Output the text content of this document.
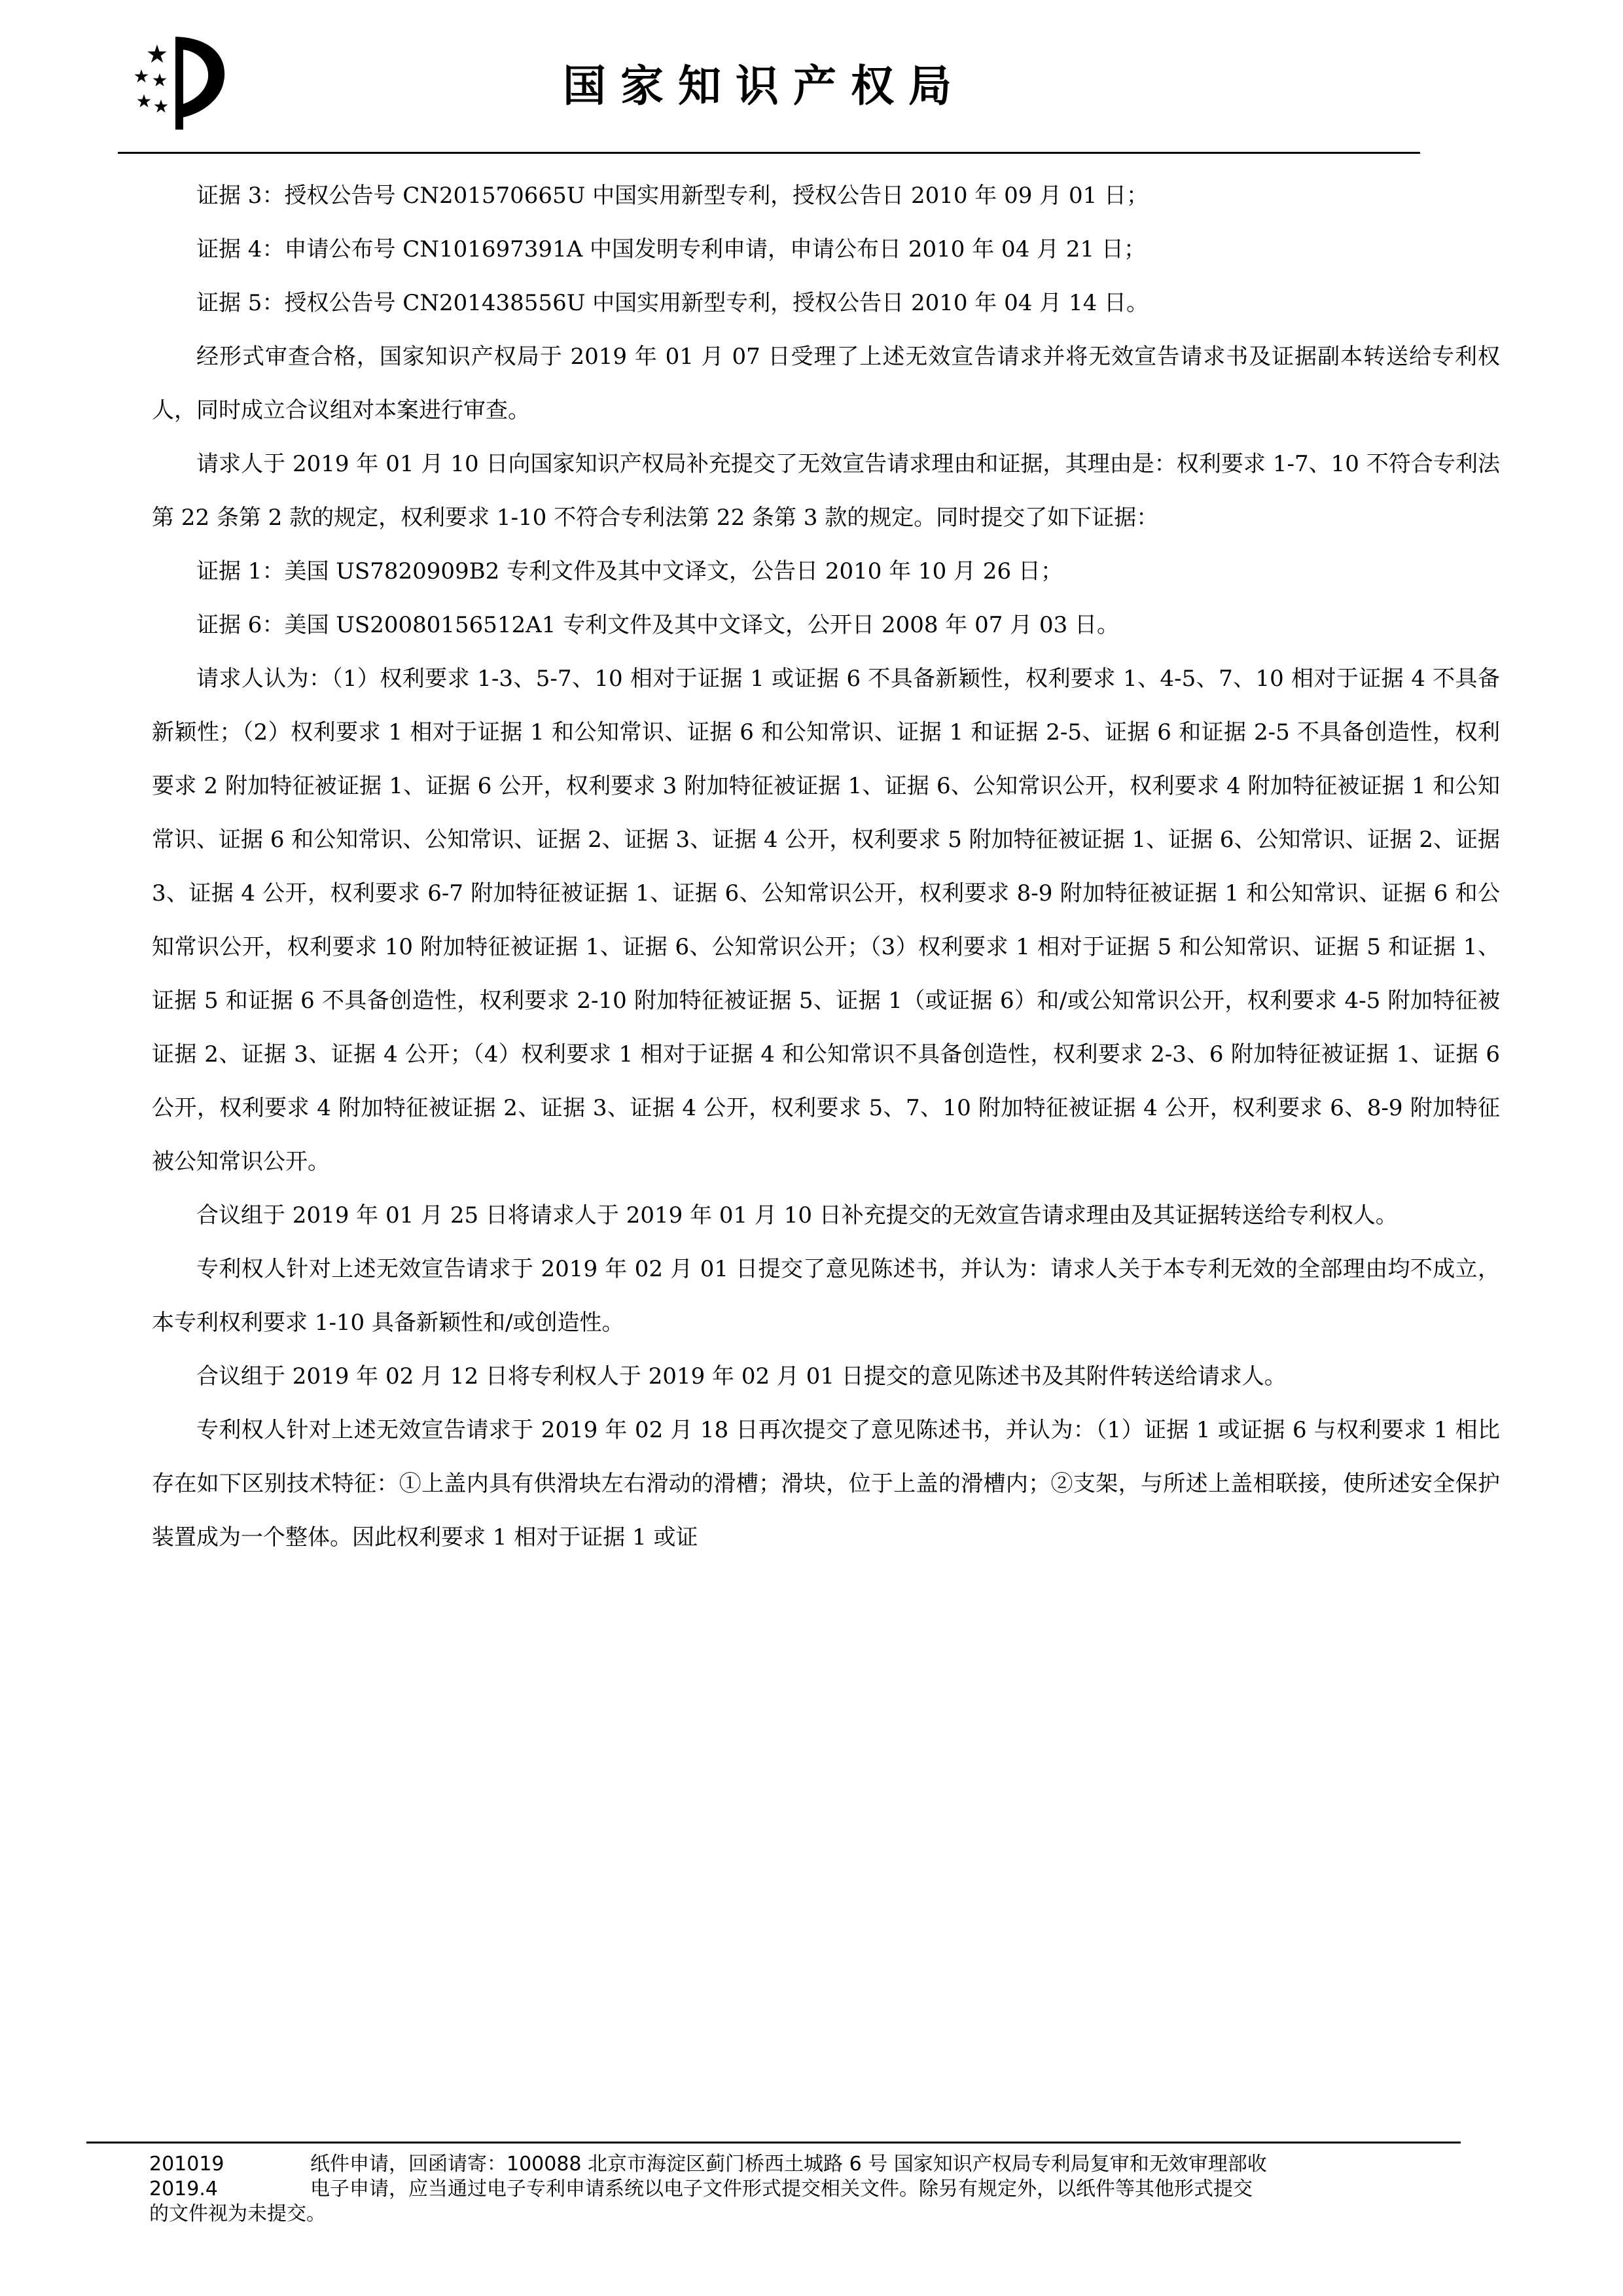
国家知识产权局

证据 3：授权公告号 CN201570665U 中国实用新型专利，授权公告日 2010 年 09 月 01 日；

证据 4：申请公布号 CN101697391A 中国发明专利申请，申请公布日 2010 年 04 月 21 日；

证据 5：授权公告号 CN201438556U 中国实用新型专利，授权公告日 2010 年 04 月 14 日。

经形式审查合格，国家知识产权局于 2019 年 01 月 07 日受理了上述无效宣告请求并将无效宣告请求书及证据副本转送给专利权人，同时成立合议组对本案进行审查。

请求人于 2019 年 01 月 10 日向国家知识产权局补充提交了无效宣告请求理由和证据，其理由是：权利要求 1-7、10 不符合专利法第 22 条第 2 款的规定，权利要求 1-10 不符合专利法第 22 条第 3 款的规定。同时提交了如下证据：

证据 1：美国 US7820909B2 专利文件及其中文译文，公告日 2010 年 10 月 26 日；

证据 6：美国 US20080156512A1 专利文件及其中文译文，公开日 2008 年 07 月 03 日。

请求人认为：（1）权利要求 1-3、5-7、10 相对于证据 1 或证据 6 不具备新颖性，权利要求 1、4-5、7、10 相对于证据 4 不具备新颖性；（2）权利要求 1 相对于证据 1 和公知常识、证据 6 和公知常识、证据 1 和证据 2-5、证据 6 和证据 2-5 不具备创造性，权利要求 2 附加特征被证据 1、证据 6 公开，权利要求 3 附加特征被证据 1、证据 6、公知常识公开，权利要求 4 附加特征被证据 1 和公知常识、证据 6 和公知常识、公知常识、证据 2、证据 3、证据 4 公开，权利要求 5 附加特征被证据 1、证据 6、公知常识、证据 2、证据 3、证据 4 公开，权利要求 6-7 附加特征被证据 1、证据 6、公知常识公开，权利要求 8-9 附加特征被证据 1 和公知常识、证据 6 和公知常识公开，权利要求 10 附加特征被证据 1、证据 6、公知常识公开；（3）权利要求 1 相对于证据 5 和公知常识、证据 5 和证据 1、证据 5 和证据 6 不具备创造性，权利要求 2-10 附加特征被证据 5、证据 1（或证据 6）和/或公知常识公开，权利要求 4-5 附加特征被证据 2、证据 3、证据 4 公开；（4）权利要求 1 相对于证据 4 和公知常识不具备创造性，权利要求 2-3、6 附加特征被证据 1、证据 6 公开，权利要求 4 附加特征被证据 2、证据 3、证据 4 公开，权利要求 5、7、10 附加特征被证据 4 公开，权利要求 6、8-9 附加特征被公知常识公开。

合议组于 2019 年 01 月 25 日将请求人于 2019 年 01 月 10 日补充提交的无效宣告请求理由及其证据转送给专利权人。

专利权人针对上述无效宣告请求于 2019 年 02 月 01 日提交了意见陈述书，并认为：请求人关于本专利无效的全部理由均不成立，本专利权利要求 1-10 具备新颖性和/或创造性。

合议组于 2019 年 02 月 12 日将专利权人于 2019 年 02 月 01 日提交的意见陈述书及其附件转送给请求人。

专利权人针对上述无效宣告请求于 2019 年 02 月 18 日再次提交了意见陈述书，并认为：（1）证据 1 或证据 6 与权利要求 1 相比存在如下区别技术特征：①上盖内具有供滑块左右滑动的滑槽；滑块，位于上盖的滑槽内；②支架，与所述上盖相联接，使所述安全保护装置成为一个整体。因此权利要求 1 相对于证据 1 或证

201019	纸件申请，回函请寄：100088 北京市海淀区蓟门桥西土城路 6 号 国家知识产权局专利局复审和无效审理部收
2019.4	电子申请，应当通过电子专利申请系统以电子文件形式提交相关文件。除另有规定外，以纸件等其他形式提交
的文件视为未提交。
